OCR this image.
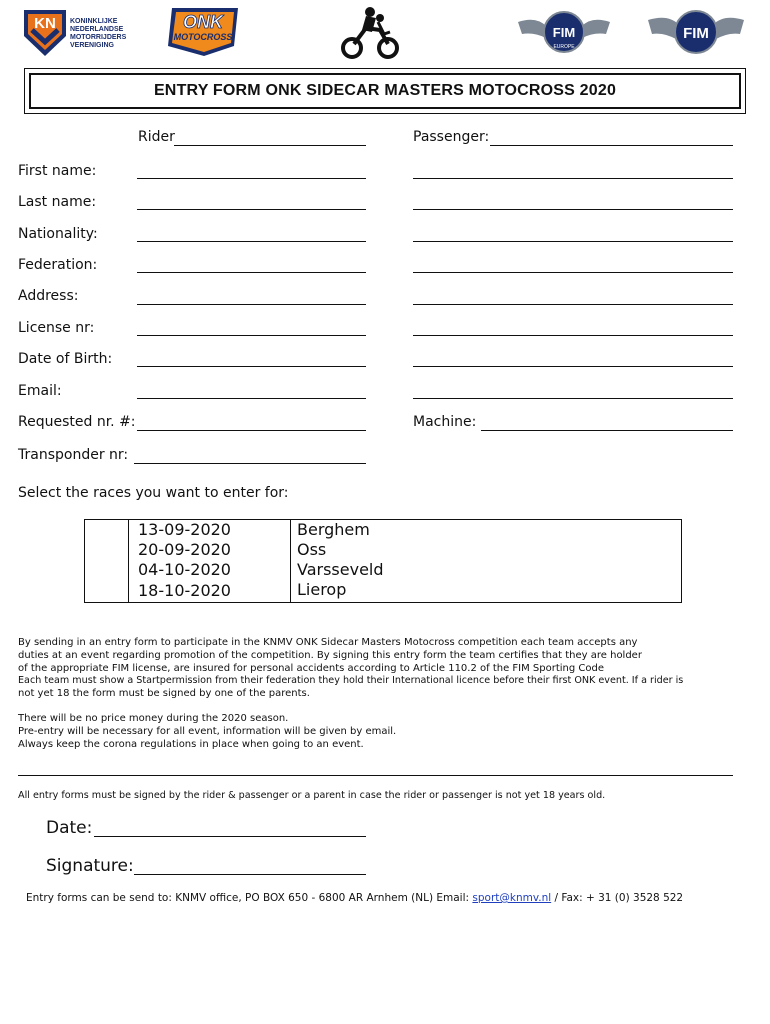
KN KONINKLIJKE
NEDERLANDSE
MOTORRIJDERS
VERENIGING
ONK
MOTOCROSS	FIM
EUROPE
FIM
ENTRY FORM ONK SIDECAR MASTERS MOTOCROSS 2020
Rider	Passenger:
First name:
Last name:
Nationality:
Federation:
Address:
License nr:
Date of Birth:
Email:
Requested nr. #:	Machine:
Transponder nr:
Select the races you want to enter for:
	13-09-2020	Berghem
	20-09-2020	Oss
	04-10-2020	Varsseveld
	18-10-2020	Lierop
By sending in an entry form to participate in the KNMV ONK Sidecar Masters Motocross competition each team accepts any
duties at an event regarding promotion of the competition. By signing this entry form the team certifies that they are holder
of the appropriate FIM license, are insured for personal accidents according to Article 110.2 of the FIM Sporting Code
Each team must show a Startpermission from their federation they hold their International licence before their first ONK event. If a rider is
not yet 18 the form must be signed by one of the parents.
There will be no price money during the 2020 season.
Pre-entry will be necessary for all event, information will be given by email.
Always keep the corona regulations in place when going to an event.
All entry forms must be signed by the rider & passenger or a parent in case the rider or passenger is not yet 18 years old.
Date:
Signature:
Entry forms can be send to: KNMV office, PO BOX 650 - 6800 AR Arnhem (NL) Email: sport@knmv.nl / Fax: + 31 (0) 3528 522
